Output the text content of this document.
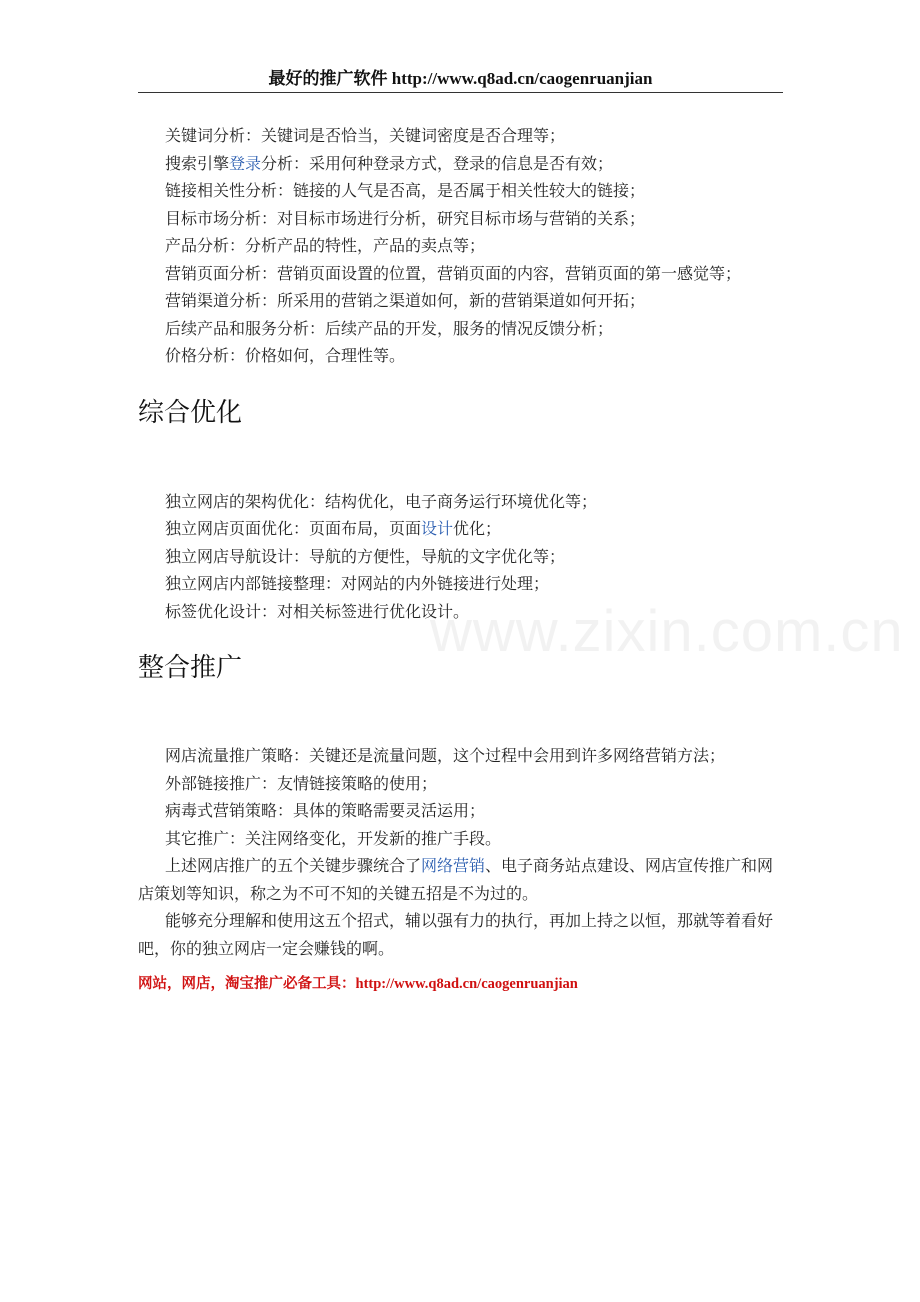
最好的推广软件 http://www.q8ad.cn/caogenruanjian
www.zixin.com.cn

关键词分析：关键词是否恰当，关键词密度是否合理等；

搜索引擎登录分析：采用何种登录方式，登录的信息是否有效；

链接相关性分析：链接的人气是否高，是否属于相关性较大的链接；

目标市场分析：对目标市场进行分析，研究目标市场与营销的关系；

产品分析：分析产品的特性，产品的卖点等；

营销页面分析：营销页面设置的位置，营销页面的内容，营销页面的第一感觉等；

营销渠道分析：所采用的营销之渠道如何，新的营销渠道如何开拓；

后续产品和服务分析：后续产品的开发，服务的情况反馈分析；

价格分析：价格如何，合理性等。

综合优化

独立网店的架构优化：结构优化，电子商务运行环境优化等；

独立网店页面优化：页面布局，页面设计优化；

独立网店导航设计：导航的方便性，导航的文字优化等；

独立网店内部链接整理：对网站的内外链接进行处理；

标签优化设计：对相关标签进行优化设计。

整合推广

网店流量推广策略：关键还是流量问题，这个过程中会用到许多网络营销方法；

外部链接推广：友情链接策略的使用；

病毒式营销策略：具体的策略需要灵活运用；

其它推广：关注网络变化，开发新的推广手段。

上述网店推广的五个关键步骤统合了网络营销、电子商务站点建设、网店宣传推广和网店策划等知识，称之为不可不知的关键五招是不为过的。

能够充分理解和使用这五个招式，辅以强有力的执行，再加上持之以恒，那就等着看好吧，你的独立网店一定会赚钱的啊。

网站，网店，淘宝推广必备工具：http://www.q8ad.cn/caogenruanjian
